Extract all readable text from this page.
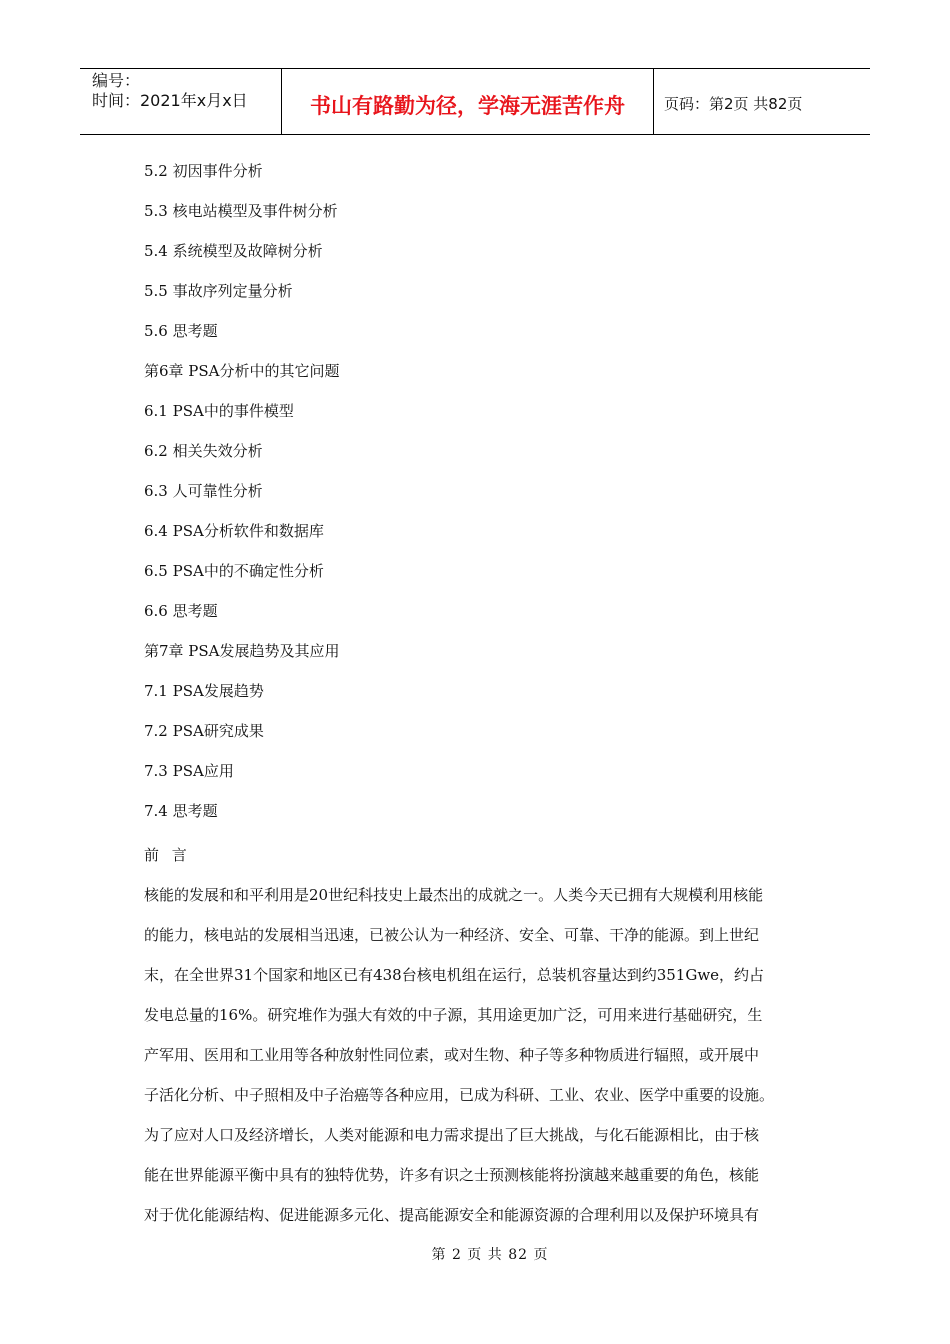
编号：
时间：2021年x月x日	书山有路勤为径，学海无涯苦作舟	页码：第2页 共82页
5.2 初因事件分析
5.3 核电站模型及事件树分析
5.4 系统模型及故障树分析
5.5 事故序列定量分析
5.6 思考题
第6章 PSA分析中的其它问题
6.1 PSA中的事件模型
6.2 相关失效分析
6.3 人可靠性分析
6.4 PSA分析软件和数据库
6.5 PSA中的不确定性分析
6.6 思考题
第7章 PSA发展趋势及其应用
7.1 PSA发展趋势
7.2 PSA研究成果
7.3 PSA应用
7.4 思考题
前 言

核能的发展和和平利用是20世纪科技史上最杰出的成就之一。人类今天已拥有大规模利用核能
的能力，核电站的发展相当迅速，已被公认为一种经济、安全、可靠、干净的能源。到上世纪
末，在全世界31个国家和地区已有438台核电机组在运行，总装机容量达到约351Gwe，约占
发电总量的16%。研究堆作为强大有效的中子源，其用途更加广泛，可用来进行基础研究，生
产军用、医用和工业用等各种放射性同位素，或对生物、种子等多种物质进行辐照，或开展中
子活化分析、中子照相及中子治癌等各种应用，已成为科研、工业、农业、医学中重要的设施。
为了应对人口及经济增长，人类对能源和电力需求提出了巨大挑战，与化石能源相比，由于核
能在世界能源平衡中具有的独特优势，许多有识之士预测核能将扮演越来越重要的角色，核能
对于优化能源结构、促进能源多元化、提高能源安全和能源资源的合理利用以及保护环境具有

第 2 页 共 82 页
